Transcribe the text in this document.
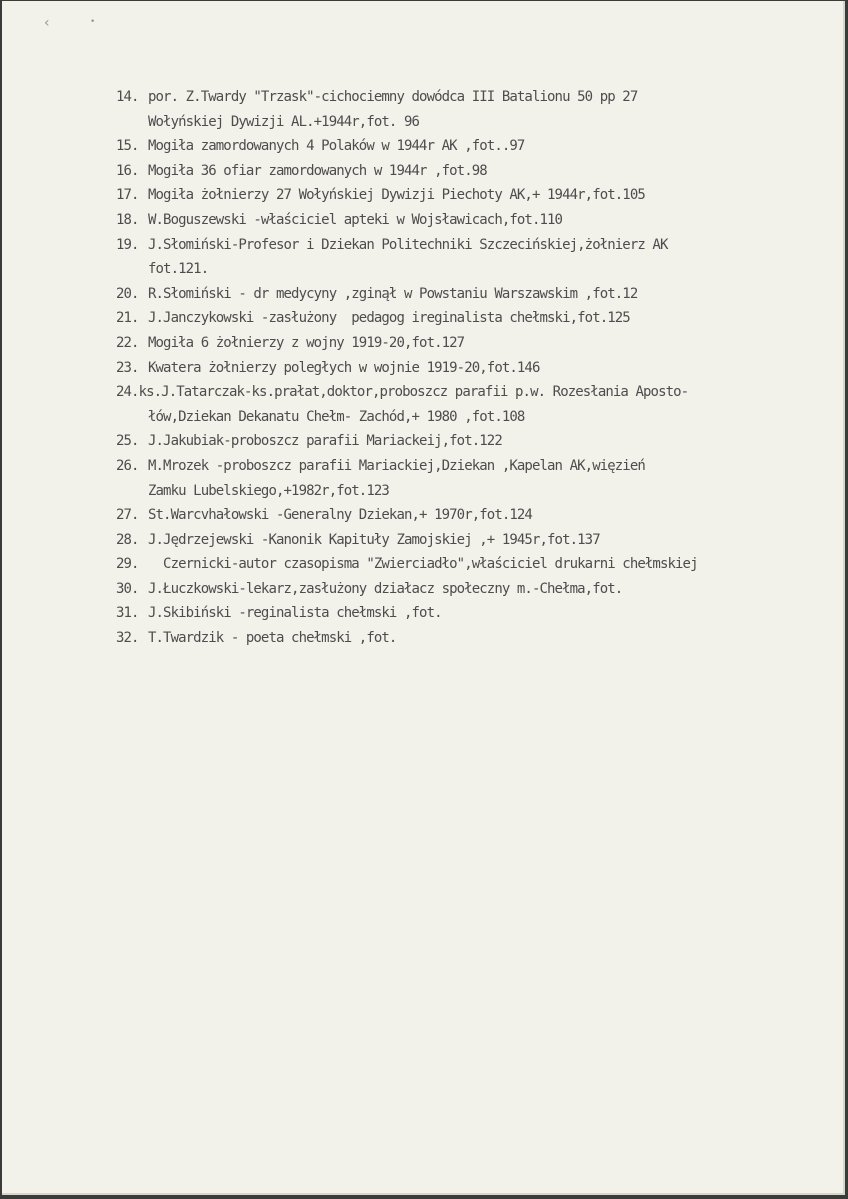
‹	•
14. por. Z.Twardy "Trzask"-cichociemny dowódca III Batalionu 50 pp 27
Wołyńskiej Dywizji AL.+1944r,fot. 96
15. Mogiła zamordowanych 4 Polaków w 1944r AK ,fot..97
16. Mogiła 36 ofiar zamordowanych w 1944r ,fot.98
17. Mogiła żołnierzy 27 Wołyńskiej Dywizji Piechoty AK,+ 1944r,fot.105
18. W.Boguszewski -właściciel apteki w Wojsławicach,fot.110
19. J.Słomiński-Profesor i Dziekan Politechniki Szczecińskiej,żołnierz AK
fot.121.
20. R.Słomiński - dr medycyny ,zginął w Powstaniu Warszawskim ,fot.12
21. J.Janczykowski -zasłużony  pedagog ireginalista chełmski,fot.125
22. Mogiła 6 żołnierzy z wojny 1919-20,fot.127
23. Kwatera żołnierzy poległych w wojnie 1919-20,fot.146
24.ks.J.Tatarczak-ks.prałat,doktor,proboszcz parafii p.w. Rozesłania Aposto-
łów,Dziekan Dekanatu Chełm- Zachód,+ 1980 ,fot.108
25. J.Jakubiak-proboszcz parafii Mariackeij,fot.122
26. M.Mrozek -proboszcz parafii Mariackiej,Dziekan ,Kapelan AK,więzień
Zamku Lubelskiego,+1982r,fot.123
27. St.Warcvhałowski -Generalny Dziekan,+ 1970r,fot.124
28. J.Jędrzejewski -Kanonik Kapituły Zamojskiej ,+ 1945r,fot.137
29.  Czernicki-autor czasopisma "Zwierciadło",właściciel drukarni chełmskiej
30. J.Łuczkowski-lekarz,zasłużony działacz społeczny m.-Chełma,fot.
31. J.Skibiński -reginalista chełmski ,fot.
32. T.Twardzik - poeta chełmski ,fot.
